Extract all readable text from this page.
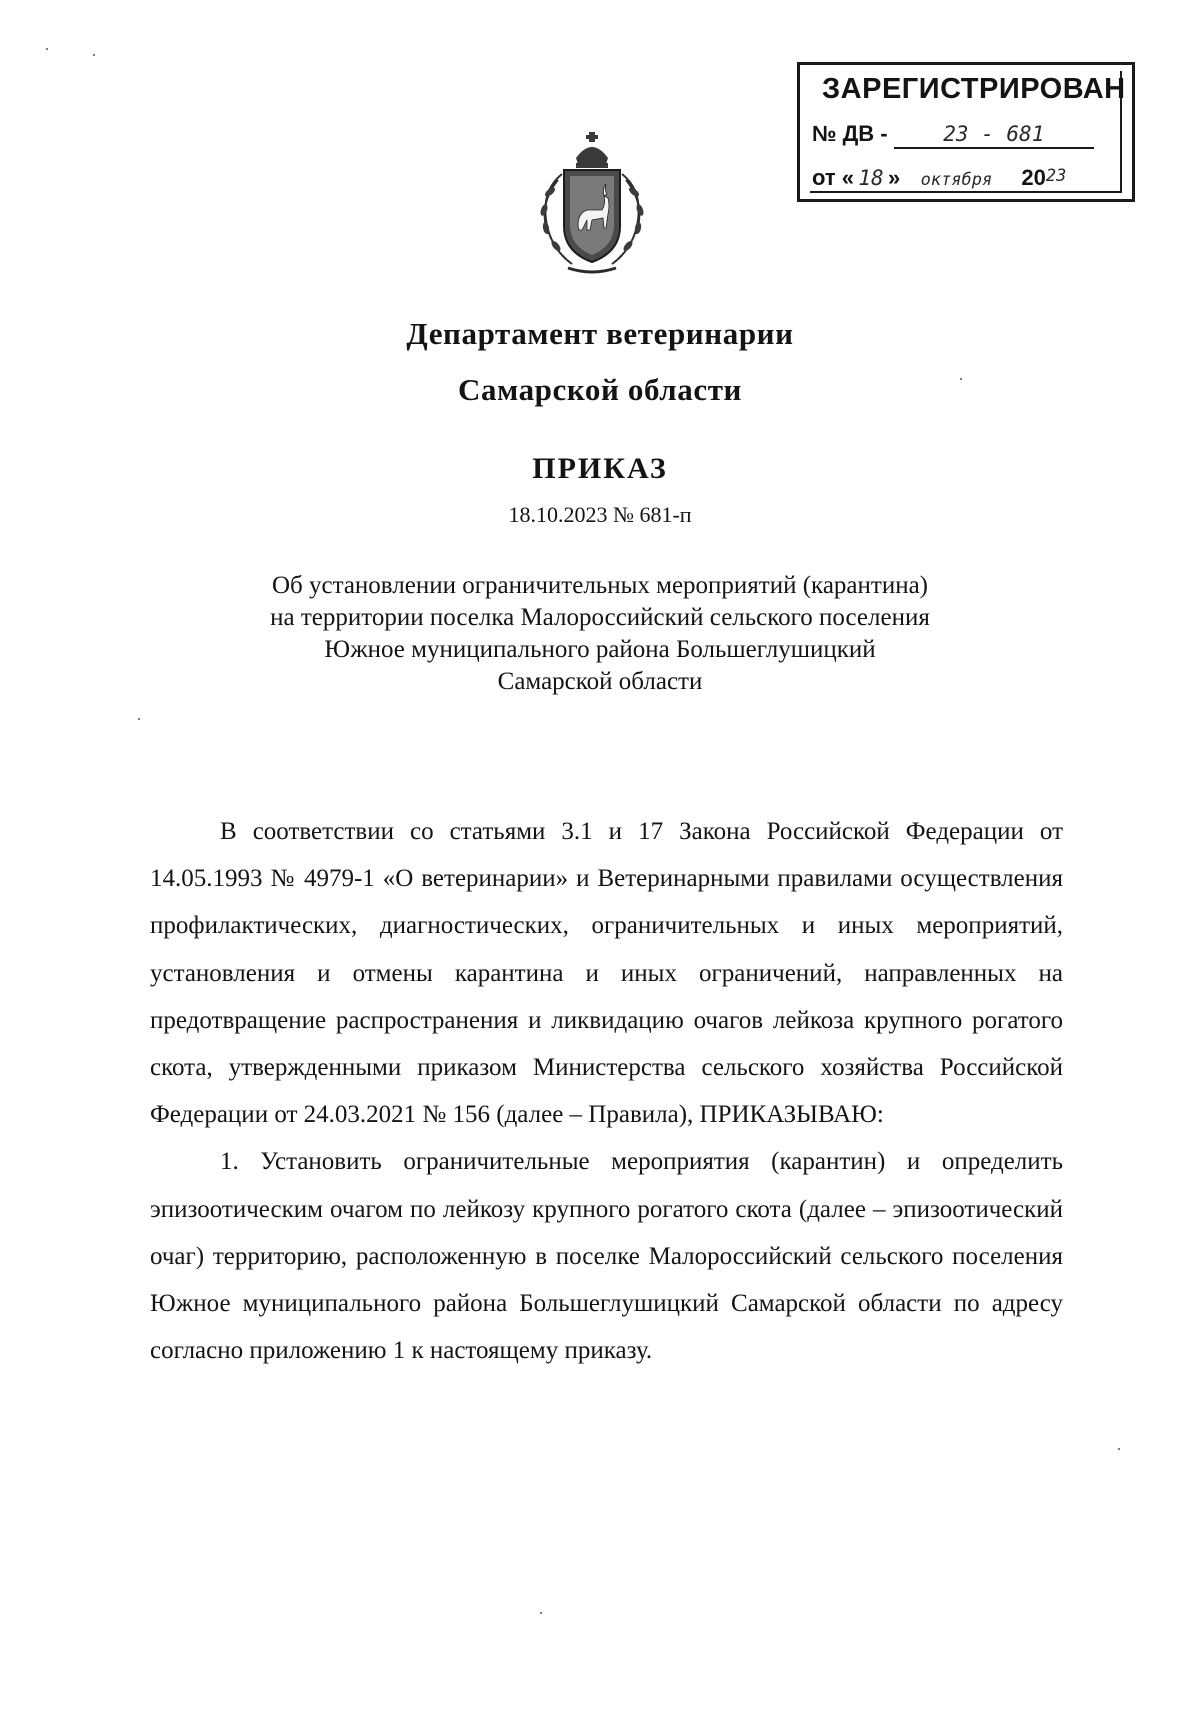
ЗАРЕГИСТРИРОВАН

№ ДВ -	23 - 681
от « 18 » октября 2023

Департамент ветеринарии

Самарской области

ПРИКАЗ

18.10.2023 № 681-п

Об установлении ограничительных мероприятий (карантина)
на территории поселка Малороссийский сельского поселения
Южное муниципального района Большеглушицкий
Самарской области

В соответствии со статьями 3.1 и 17 Закона Российской Федерации от 14.05.1993 № 4979-1 «О ветеринарии» и Ветеринарными правилами осуществления профилактических, диагностических, ограничительных и иных мероприятий, установления и отмены карантина и иных ограничений, направленных на предотвращение распространения и ликвидацию очагов лейкоза крупного рогатого скота, утвержденными приказом Министерства сельского хозяйства Российской Федерации от 24.03.2021 № 156 (далее – Правила), ПРИКАЗЫВАЮ:

1. Установить ограничительные мероприятия (карантин) и определить эпизоотическим очагом по лейкозу крупного рогатого скота (далее – эпизоотический очаг) территорию, расположенную в поселке Малороссийский сельского поселения Южное муниципального района Большеглушицкий Самарской области по адресу согласно приложению 1 к настоящему приказу.
